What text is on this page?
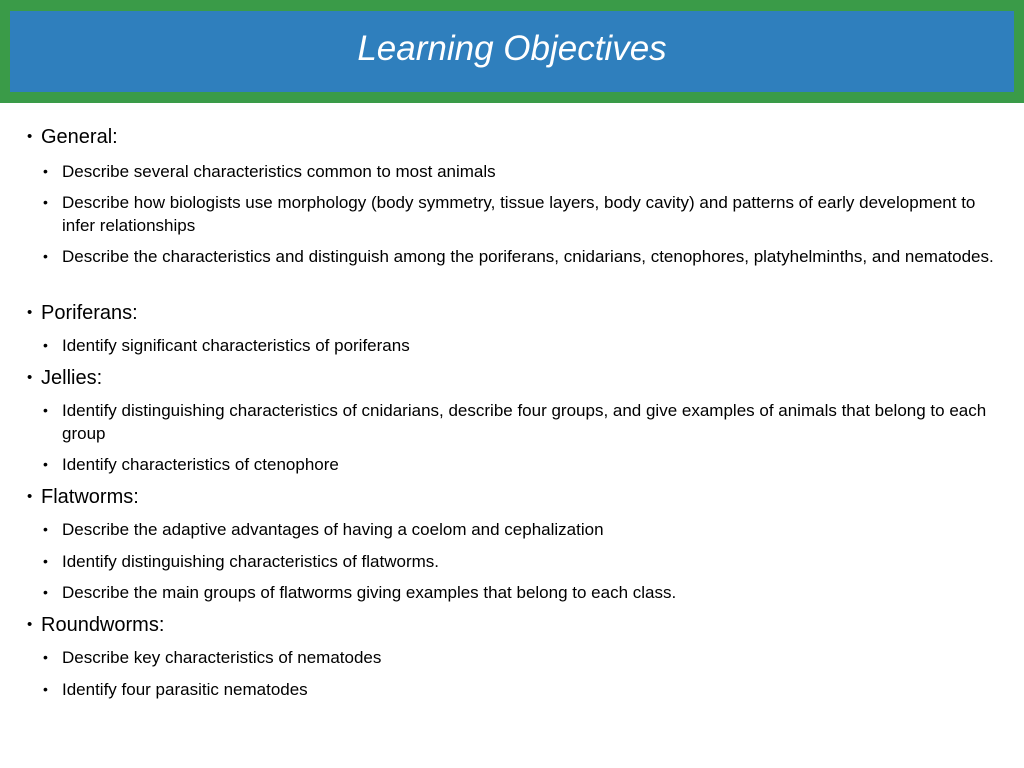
Learning Objectives
• General:
• Describe several characteristics common to most animals
• Describe how biologists use morphology (body symmetry, tissue layers, body cavity) and patterns of early development to infer relationships
• Describe the characteristics and distinguish among the poriferans, cnidarians, ctenophores, platyhelminths, and nematodes.
• Poriferans:
• Identify significant characteristics of poriferans
• Jellies:
• Identify distinguishing characteristics of cnidarians, describe four groups, and give examples of animals that belong to each group
• Identify characteristics of ctenophore
• Flatworms:
• Describe the adaptive advantages of having a coelom and cephalization
• Identify distinguishing characteristics of flatworms.
• Describe the main groups of flatworms giving examples that belong to each class.
• Roundworms:
• Describe key characteristics of nematodes
• Identify four parasitic nematodes
